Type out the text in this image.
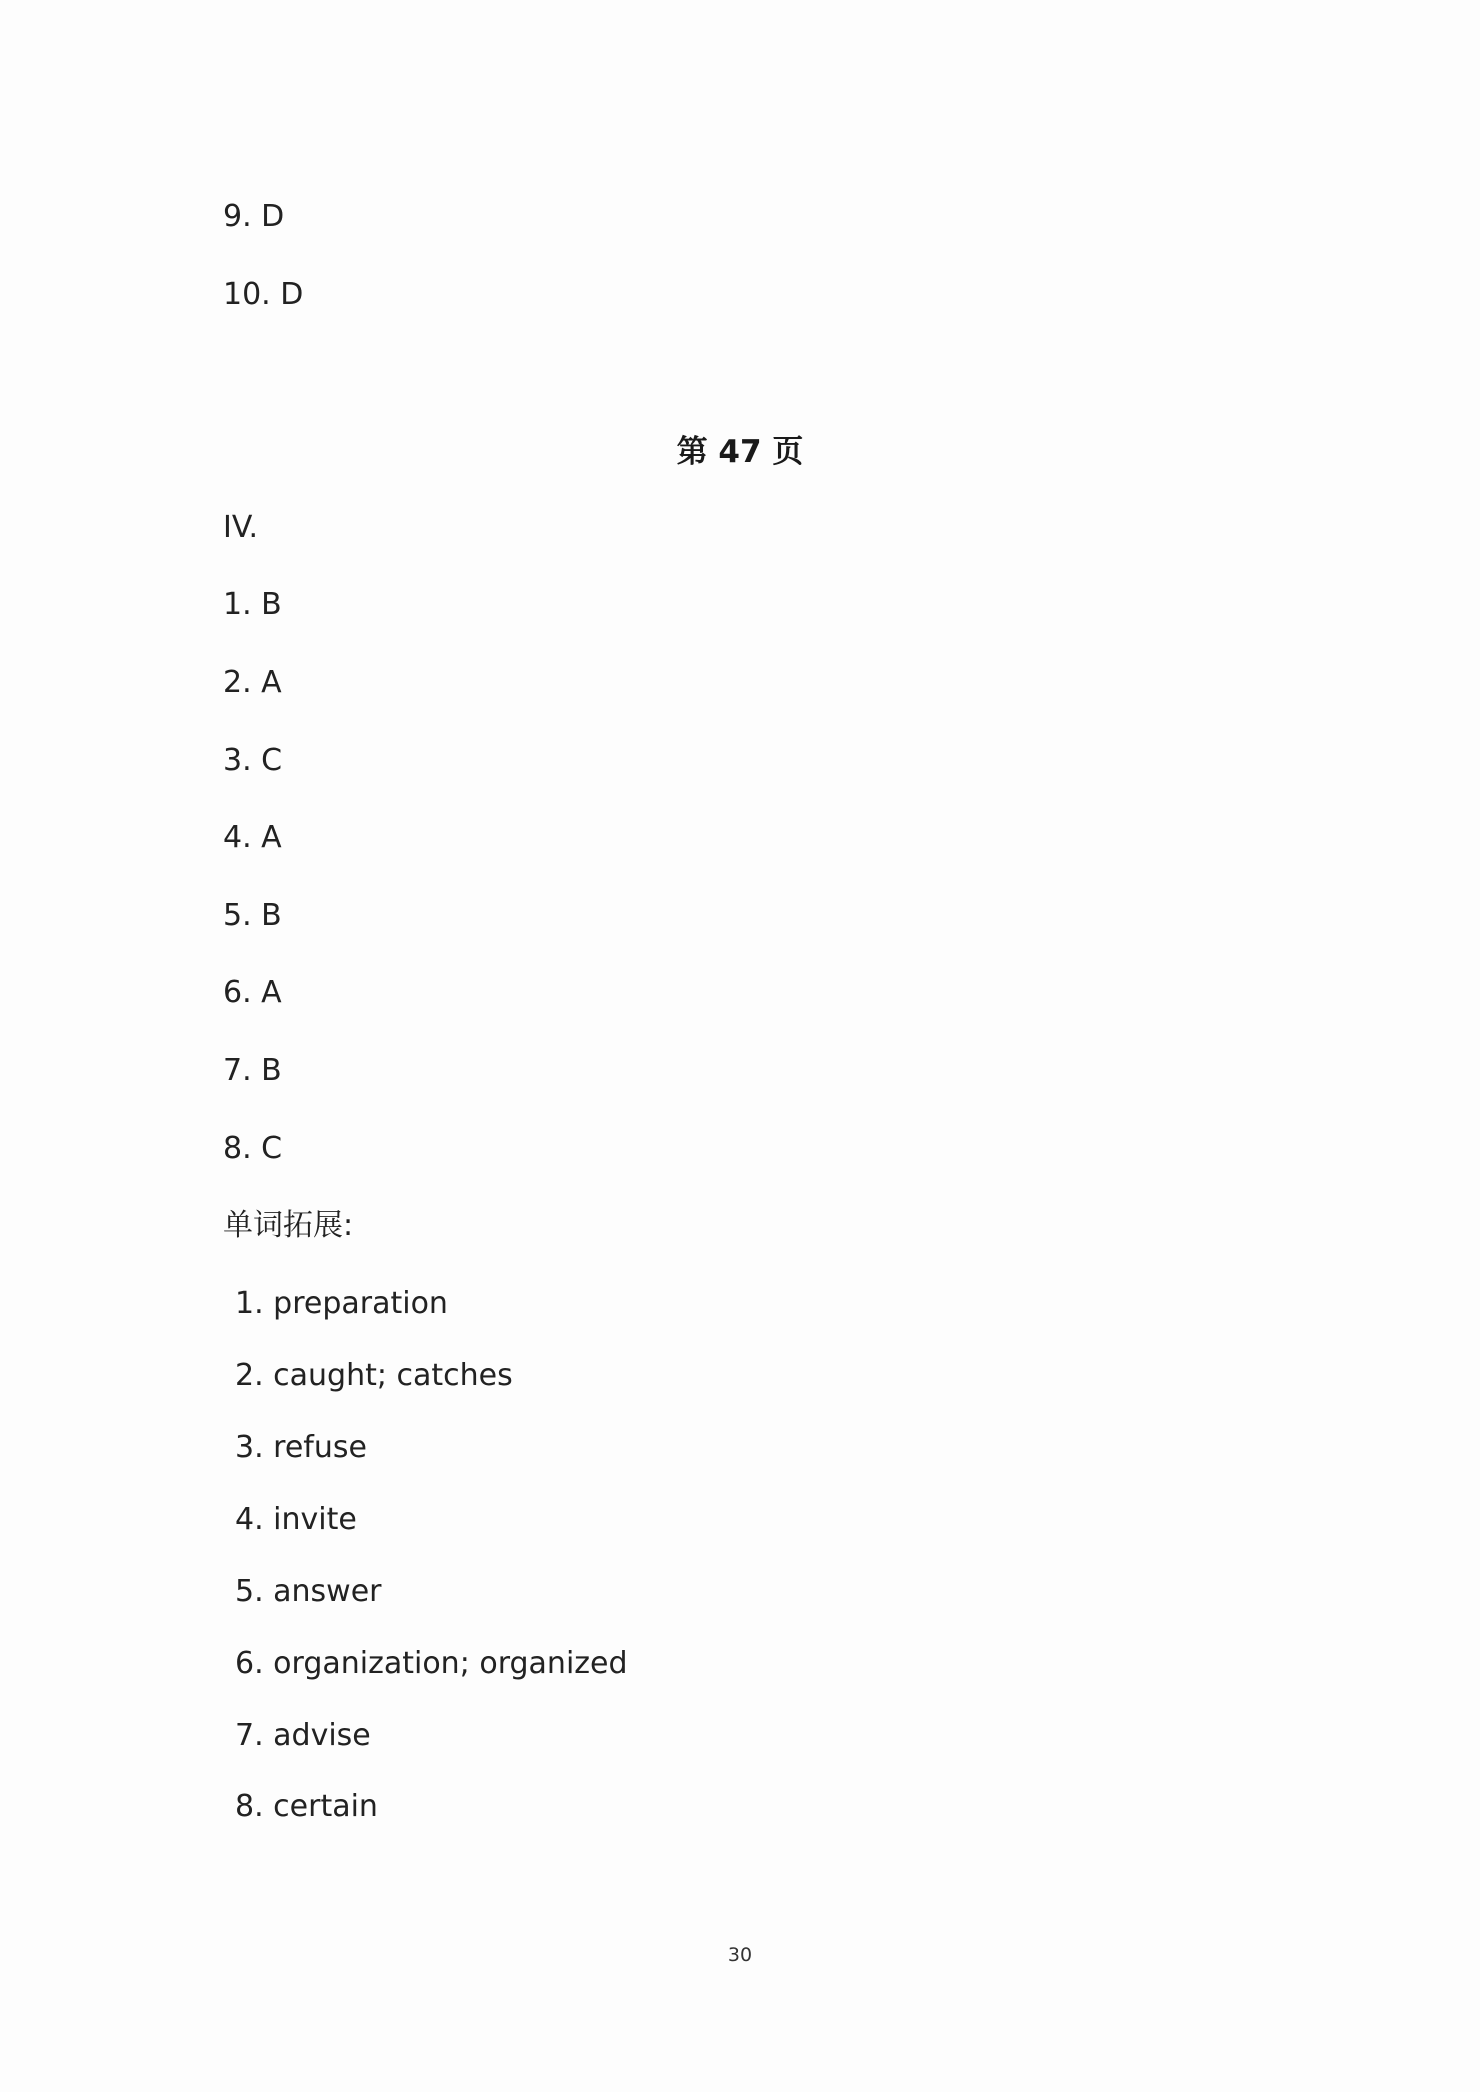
9. D
10. D
第 47 页
IV.
1. B
2. A
3. C
4. A
5. B
6. A
7. B
8. C
单词拓展:
1. preparation
2. caught; catches
3. refuse
4. invite
5. answer
6. organization; organized
7. advise
8. certain
30
